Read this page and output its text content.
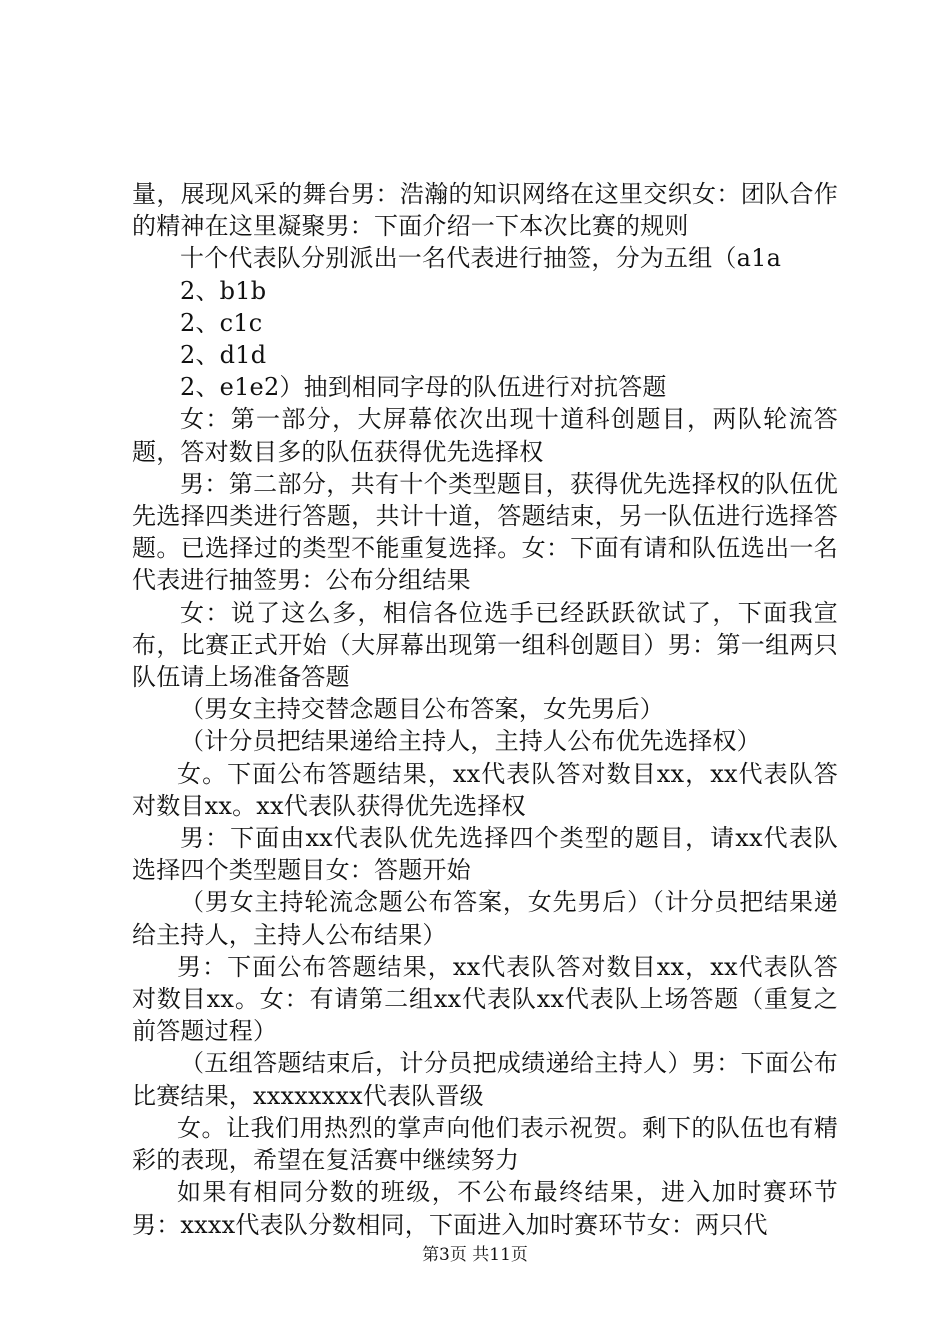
量，展现风采的舞台男：浩瀚的知识网络在这里交织女：团队合作的精神在这里凝聚男：下面介绍一下本次比赛的规则

十个代表队分别派出一名代表进行抽签，分为五组（a1a

2、b1b

2、c1c

2、d1d

2、e1e2）抽到相同字母的队伍进行对抗答题

女：第一部分，大屏幕依次出现十道科创题目，两队轮流答题，答对数目多的队伍获得优先选择权

男：第二部分，共有十个类型题目，获得优先选择权的队伍优先选择四类进行答题，共计十道，答题结束，另一队伍进行选择答题。已选择过的类型不能重复选择。女：下面有请和队伍选出一名代表进行抽签男：公布分组结果

女：说了这么多，相信各位选手已经跃跃欲试了，下面我宣布，比赛正式开始（大屏幕出现第一组科创题目）男：第一组两只队伍请上场准备答题

（男女主持交替念题目公布答案，女先男后）

（计分员把结果递给主持人，主持人公布优先选择权）

女。下面公布答题结果，xx代表队答对数目xx，xx代表队答对数目xx。xx代表队获得优先选择权

男：下面由xx代表队优先选择四个类型的题目，请xx代表队选择四个类型题目女：答题开始

（男女主持轮流念题公布答案，女先男后）（计分员把结果递给主持人，主持人公布结果）

男：下面公布答题结果，xx代表队答对数目xx，xx代表队答对数目xx。女：有请第二组xx代表队xx代表队上场答题（重复之前答题过程）

（五组答题结束后，计分员把成绩递给主持人）男：下面公布比赛结果，xxxxxxxx代表队晋级

女。让我们用热烈的掌声向他们表示祝贺。剩下的队伍也有精彩的表现，希望在复活赛中继续努力

如果有相同分数的班级，不公布最终结果，进入加时赛环节男：xxxx代表队分数相同，下面进入加时赛环节女：两只代

第3页 共11页
